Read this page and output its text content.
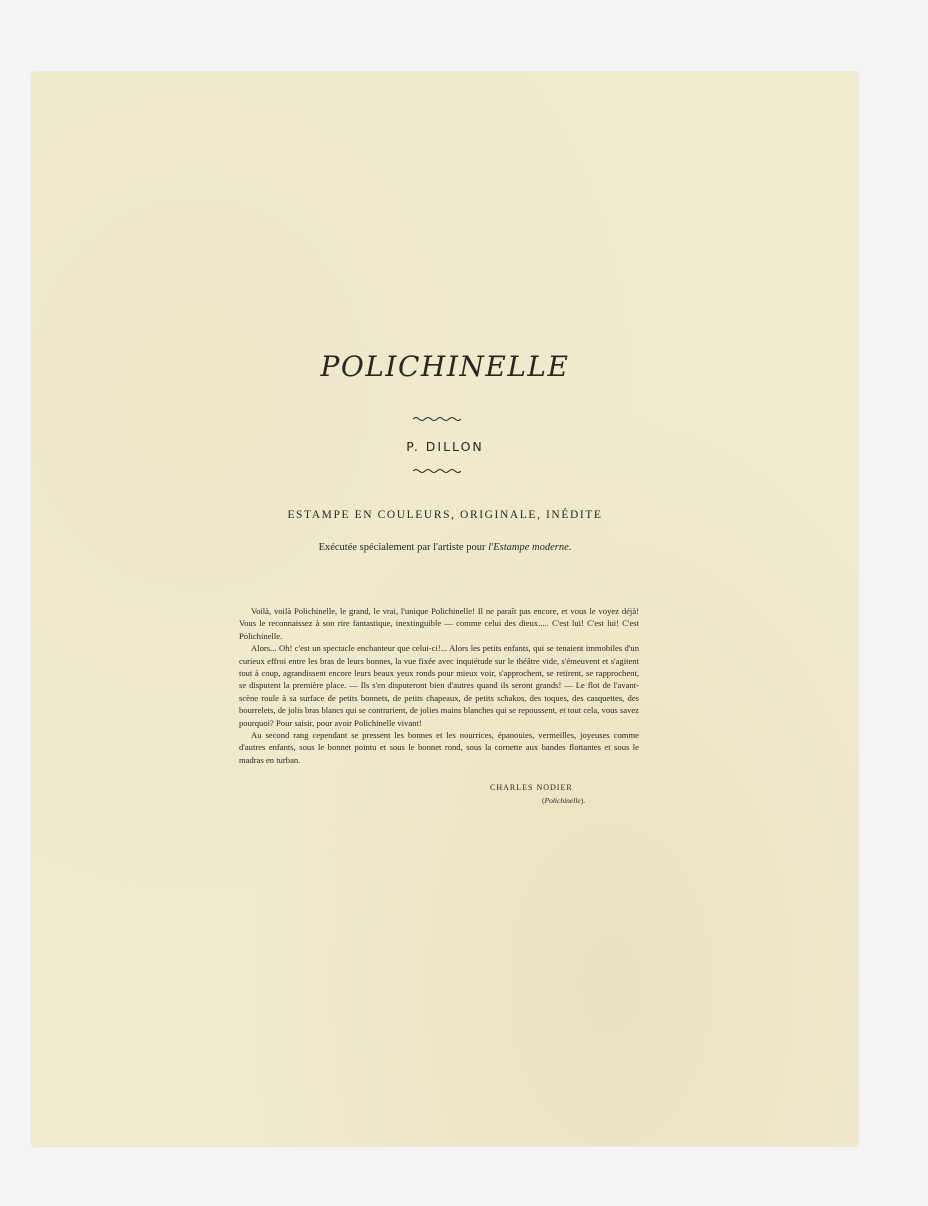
POLICHINELLE
P. DILLON
ESTAMPE EN COULEURS, ORIGINALE, INÉDITE
Exécutée spécialement par l'artiste pour l'Estampe moderne.

Voilà, voilà Polichinelle, le grand, le vrai, l'unique Polichinelle! Il ne paraît pas encore, et vous le voyez déjà! Vous le reconnaissez à son rire fantastique, inextinguible — comme celui des dieux..... C'est lui! C'est lui! C'est Polichinelle.

Alors... Oh! c'est un spectacle enchanteur que celui-ci!... Alors les petits enfants, qui se tenaient immobiles d'un curieux effroi entre les bras de leurs bonnes, la vue fixée avec inquiétude sur le théâtre vide, s'émeuvent et s'agitent tout à coup, agrandissent encore leurs beaux yeux ronds pour mieux voir, s'approchent, se retirent, se rapprochent, se disputent la première place. — Ils s'en disputeront bien d'autres quand ils seront grands! — Le flot de l'avant-scène roule à sa surface de petits bonnets, de petits chapeaux, de petits schakos, des toques, des casquettes, des bourrelets, de jolis bras blancs qui se contrarient, de jolies mains blanches qui se repoussent, et tout cela, vous savez pourquoi? Pour saisir, pour avoir Polichinelle vivant!

Au second rang cependant se pressent les bonnes et les nourrices, épanouies, vermeilles, joyeuses comme d'autres enfants, sous le bonnet pointu et sous le bonnet rond, sous la cornette aux bandes flottantes et sous le madras en turban.

CHARLES NODIER
(Polichinelle).
